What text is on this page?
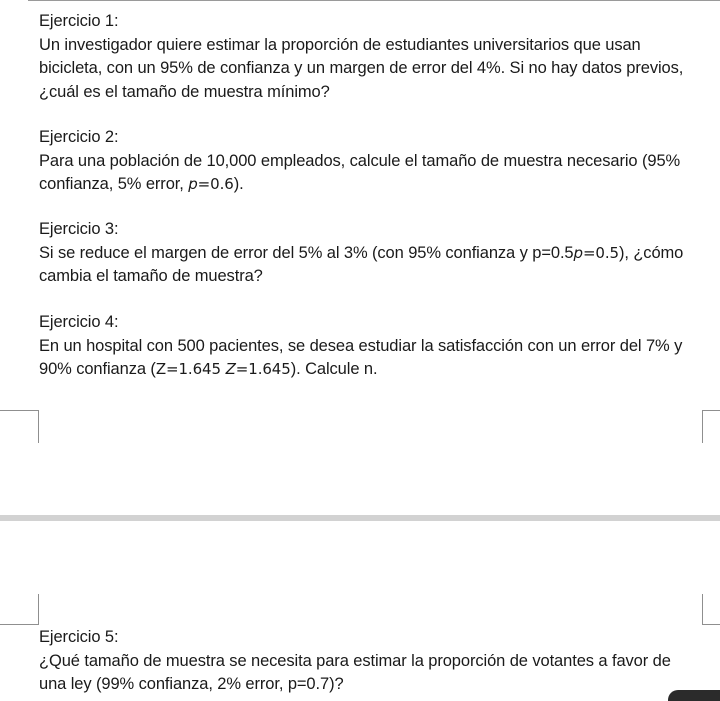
Ejercicio 1:

Un investigador quiere estimar la proporción de estudiantes universitarios que usan bicicleta, con un 95% de confianza y un margen de error del 4%. Si no hay datos previos, ¿cuál es el tamaño de muestra mínimo?

Ejercicio 2:

Para una población de 10,000 empleados, calcule el tamaño de muestra necesario (95% confianza, 5% error, p=0.6).

Ejercicio 3:

Si se reduce el margen de error del 5% al 3% (con 95% confianza y p=0.5p=0.5), ¿cómo cambia el tamaño de muestra?

Ejercicio 4:

En un hospital con 500 pacientes, se desea estudiar la satisfacción con un error del 7% y 90% confianza (Z=1.645 Z=1.645). Calcule n.

Ejercicio 5:

¿Qué tamaño de muestra se necesita para estimar la proporción de votantes a favor de una ley (99% confianza, 2% error, p=0.7)?
